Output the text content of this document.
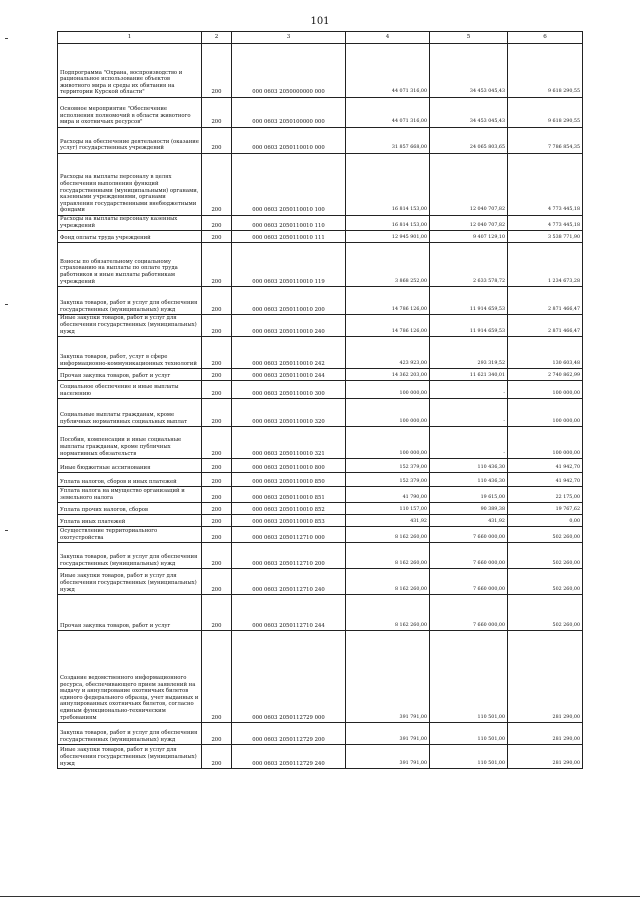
101
1	2	3	4	5	6
Подпрограмма "Охрана, воспроизводство и рациональное использование объектов животного мира и среды их обитания на территории Курской области"	200	000 0603 2050000000 000	44 071 316,00	34 453 045,43	9 618 290,55
Основное мероприятие "Обеспечение исполнения полномочий в области животного мира и охотничьих ресурсов"	200	000 0603 2050100000 000	44 071 316,00	34 453 045,43	9 618 290,55
Расходы на обеспечение деятельности (оказание услуг) государственных учреждений	200	000 0603 2050110010 000	31 857 668,00	24 065 803,65	7 786 854,35
Расходы на выплаты персоналу в целях обеспечения выполнения функций государственными (муниципальными) органами, казенными учреждениями, органами управления государственными внебюджетными фондами	200	000 0603 2050110010 100	16 814 153,00	12 040 707,82	4 773 445,18
Расходы на выплаты персоналу казенных учреждений	200	000 0603 2050110010 110	16 814 153,00	12 040 707,82	4 773 445,18
Фонд оплаты труда учреждений	200	000 0603 2050110010 111	12 945 901,00	9 407 129,10	3 538 771,90
Взносы по обязательному социальному страхованию на выплаты по оплате труда работников и иные выплаты работникам учреждений	200	000 0603 2050110010 119	3 868 252,00	2 633 578,72	1 234 673,28
Закупка товаров, работ и услуг для обеспечения государственных (муниципальных) нужд	200	000 0603 2050110010 200	14 786 126,00	11 914 659,53	2 871 466,47
Иные закупки товаров, работ и услуг для обеспечения государственных (муниципальных) нужд	200	000 0603 2050110010 240	14 786 126,00	11 914 659,53	2 871 466,47
Закупка товаров, работ, услуг в сфере информационно-коммуникационных технологий	200	000 0603 2050110010 242	423 923,00	293 319,52	130 603,48
Прочая закупка товаров, работ и услуг	200	000 0603 2050110010 244	14 362 203,00	11 621 340,01	2 740 862,99
Социальное обеспечение и иные выплаты населению	200	000 0603 2050110010 300	100 000,00	-	100 000,00
Социальные выплаты гражданам, кроме публичных нормативных социальных выплат	200	000 0603 2050110010 320	100 000,00	-	100 000,00
Пособия, компенсации и иные социальные выплаты гражданам, кроме публичных нормативных обязательств	200	000 0603 2050110010 321	100 000,00	-	100 000,00
Иные бюджетные ассигнования	200	000 0603 2050110010 800	152 379,00	110 436,30	41 942,70
Уплата налогов, сборов и иных платежей	200	000 0603 2050110010 850	152 379,00	110 436,30	41 942,70
Уплата налога на имущество организаций и земельного налога	200	000 0603 2050110010 851	41 790,00	19 615,00	22 175,00
Уплата прочих налогов, сборов	200	000 0603 2050110010 852	110 157,00	90 389,38	19 767,62
Уплата иных платежей	200	000 0603 2050110010 853	431,92	431,92	0,00
Осуществление территориального охотустройства	200	000 0603 2050112710 000	8 162 260,00	7 660 000,00	502 260,00
Закупка товаров, работ и услуг для обеспечения государственных (муниципальных) нужд	200	000 0603 2050112710 200	8 162 260,00	7 660 000,00	502 260,00
Иные закупки товаров, работ и услуг для обеспечения государственных (муниципальных) нужд	200	000 0603 2050112710 240	8 162 260,00	7 660 000,00	502 260,00
Прочая закупка товаров, работ и услуг	200	000 0603 2050112710 244	8 162 260,00	7 660 000,00	502 260,00
Создание ведомственного информационного ресурса, обеспечивающего прием заявлений на выдачу и аннулирование охотничьих билетов единого федерального образца, учет выданных и аннулированных охотничьих билетов, согласно единым функционально-техническим требованиям	200	000 0603 2050112729 000	391 791,00	110 501,00	281 290,00
Закупка товаров, работ и услуг для обеспечения государственных (муниципальных) нужд	200	000 0603 2050112729 200	391 791,00	110 501,00	281 290,00
Иные закупки товаров, работ и услуг для обеспечения государственных (муниципальных) нужд	200	000 0603 2050112729 240	391 791,00	110 501,00	281 290,00
